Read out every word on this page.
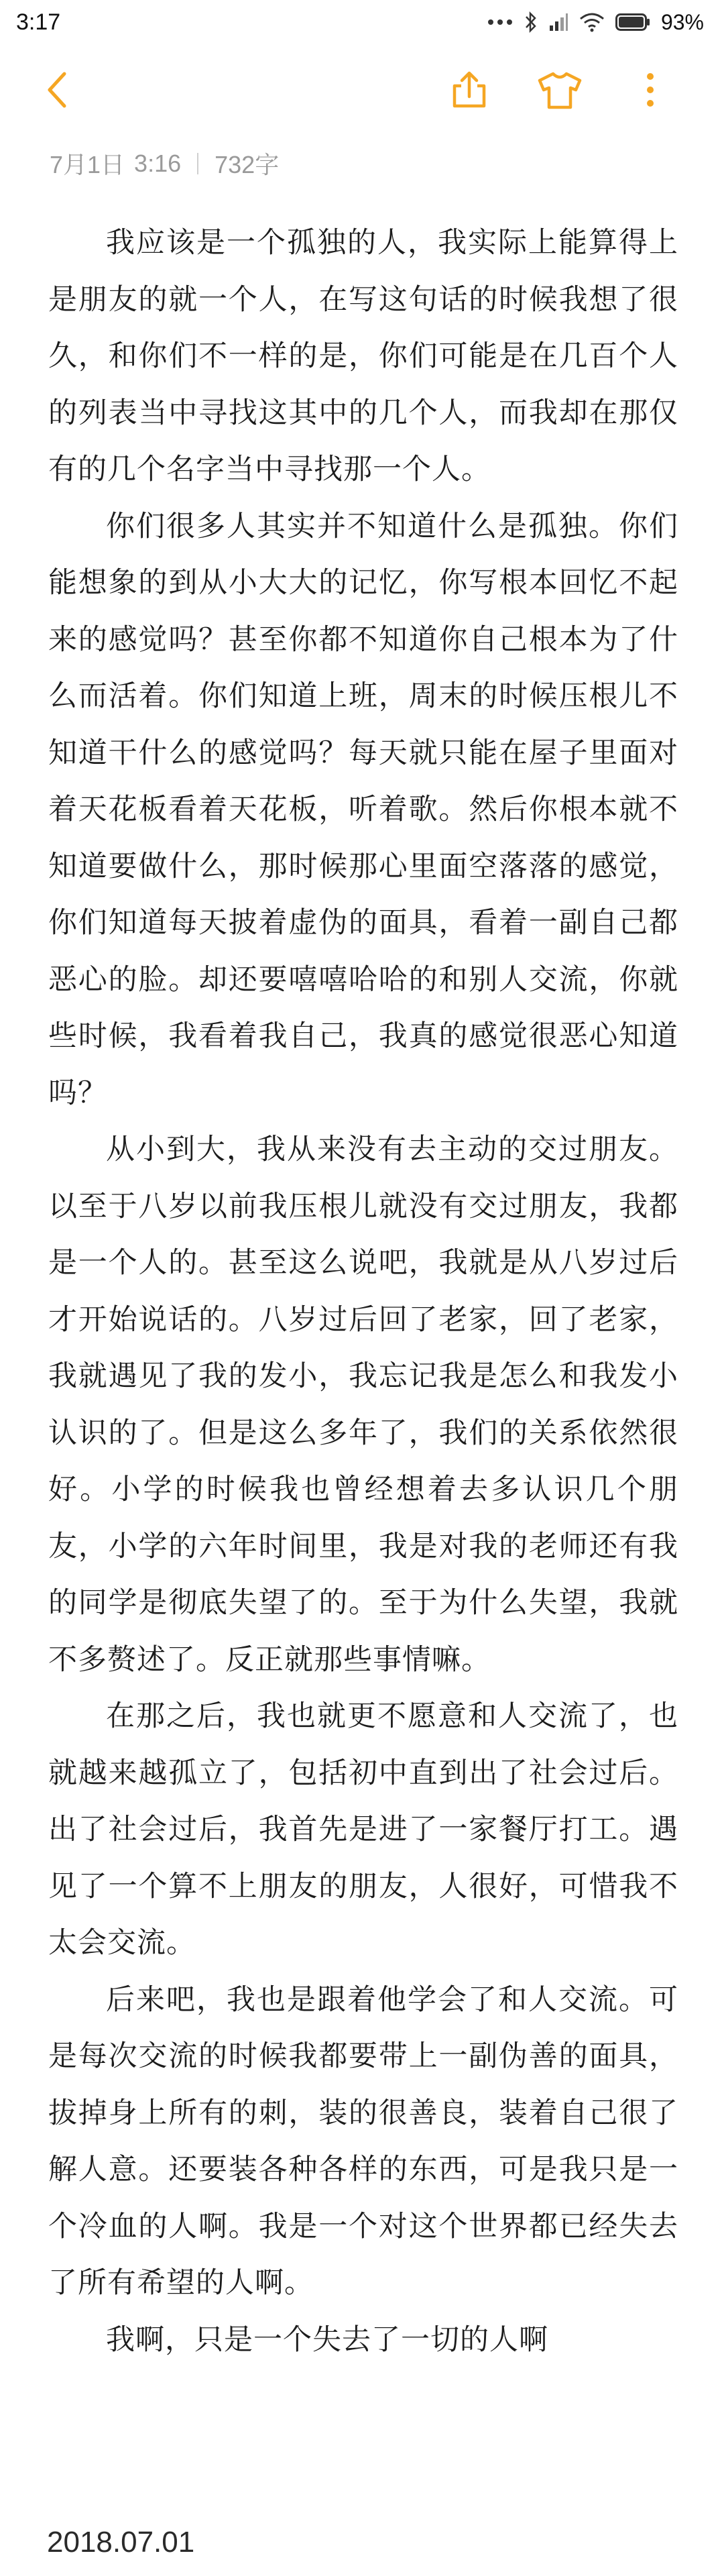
3:17	93%
7月1日 3:16 732字

我应该是一个孤独的人，我实际上能算得上是朋友的就一个人，在写这句话的时候我想了很久，和你们不一样的是，你们可能是在几百个人的列表当中寻找这其中的几个人，而我却在那仅有的几个名字当中寻找那一个人。

你们很多人其实并不知道什么是孤独。你们能想象的到从小大大的记忆，你写根本回忆不起来的感觉吗？甚至你都不知道你自己根本为了什么而活着。你们知道上班，周末的时候压根儿不知道干什么的感觉吗？每天就只能在屋子里面对着天花板看着天花板，听着歌。然后你根本就不知道要做什么，那时候那心里面空落落的感觉，你们知道每天披着虚伪的面具，看着一副自己都恶心的脸。却还要嘻嘻哈哈的和别人交流，你就些时候，我看着我自己，我真的感觉很恶心知道吗？

从小到大，我从来没有去主动的交过朋友。以至于八岁以前我压根儿就没有交过朋友，我都是一个人的。甚至这么说吧，我就是从八岁过后才开始说话的。八岁过后回了老家，回了老家，我就遇见了我的发小，我忘记我是怎么和我发小认识的了。但是这么多年了，我们的关系依然很好。小学的时候我也曾经想着去多认识几个朋友，小学的六年时间里，我是对我的老师还有我的同学是彻底失望了的。至于为什么失望，我就不多赘述了。反正就那些事情嘛。

在那之后，我也就更不愿意和人交流了，也就越来越孤立了，包括初中直到出了社会过后。出了社会过后，我首先是进了一家餐厅打工。遇见了一个算不上朋友的朋友，人很好，可惜我不太会交流。

后来吧，我也是跟着他学会了和人交流。可是每次交流的时候我都要带上一副伪善的面具，拔掉身上所有的刺，装的很善良，装着自己很了解人意。还要装各种各样的东西，可是我只是一个冷血的人啊。我是一个对这个世界都已经失去了所有希望的人啊。

我啊，只是一个失去了一切的人啊

2018.07.01
